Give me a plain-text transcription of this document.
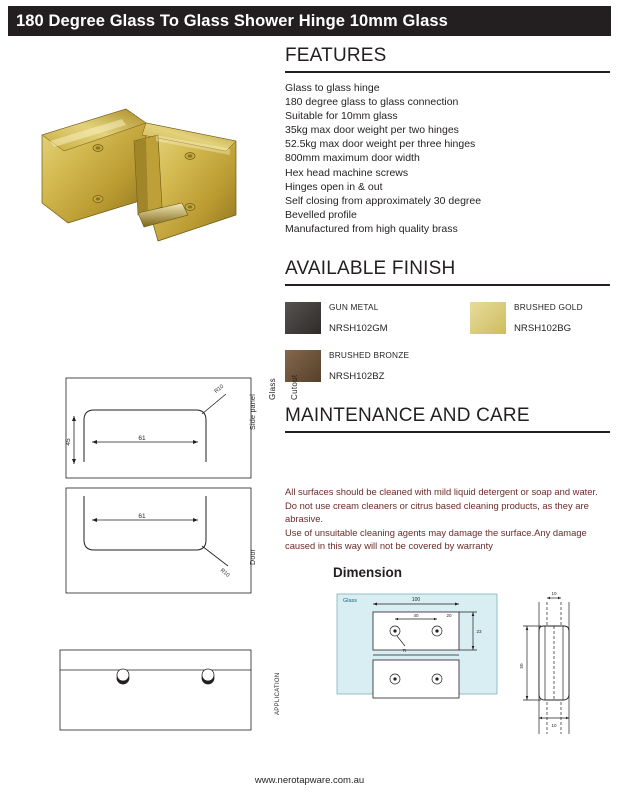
180 Degree Glass To Glass Shower Hinge 10mm Glass
FEATURES
Glass to glass hinge
180 degree glass to glass connection
Suitable for 10mm glass
35kg max door weight per two hinges
52.5kg max door weight per three hinges
800mm maximum door width
Hex head machine screws
Hinges open in & out
Self closing from approximately 30 degree
Bevelled profile
Manufactured from high quality brass
AVAILABLE FINISH
GUN METAL
NRSH102GM
BRUSHED GOLD
NRSH102BG
BRUSHED BRONZE
NRSH102BZ
MAINTENANCE AND CARE

All surfaces should be cleaned with mild liquid detergent or soap and water.

Do not use cream cleaners or citrus based cleaning products, as they are abrasive.

Use of unsuitable cleaning agents may damage the surface.Any damage caused in this way will not be covered by warranty

61
45
R10
61
R10
Side panel
Door
APPLICATION
Glass Cutout
Dimension
Glass	100
40	20
23
R
10
50
10
www.nerotapware.com.au
